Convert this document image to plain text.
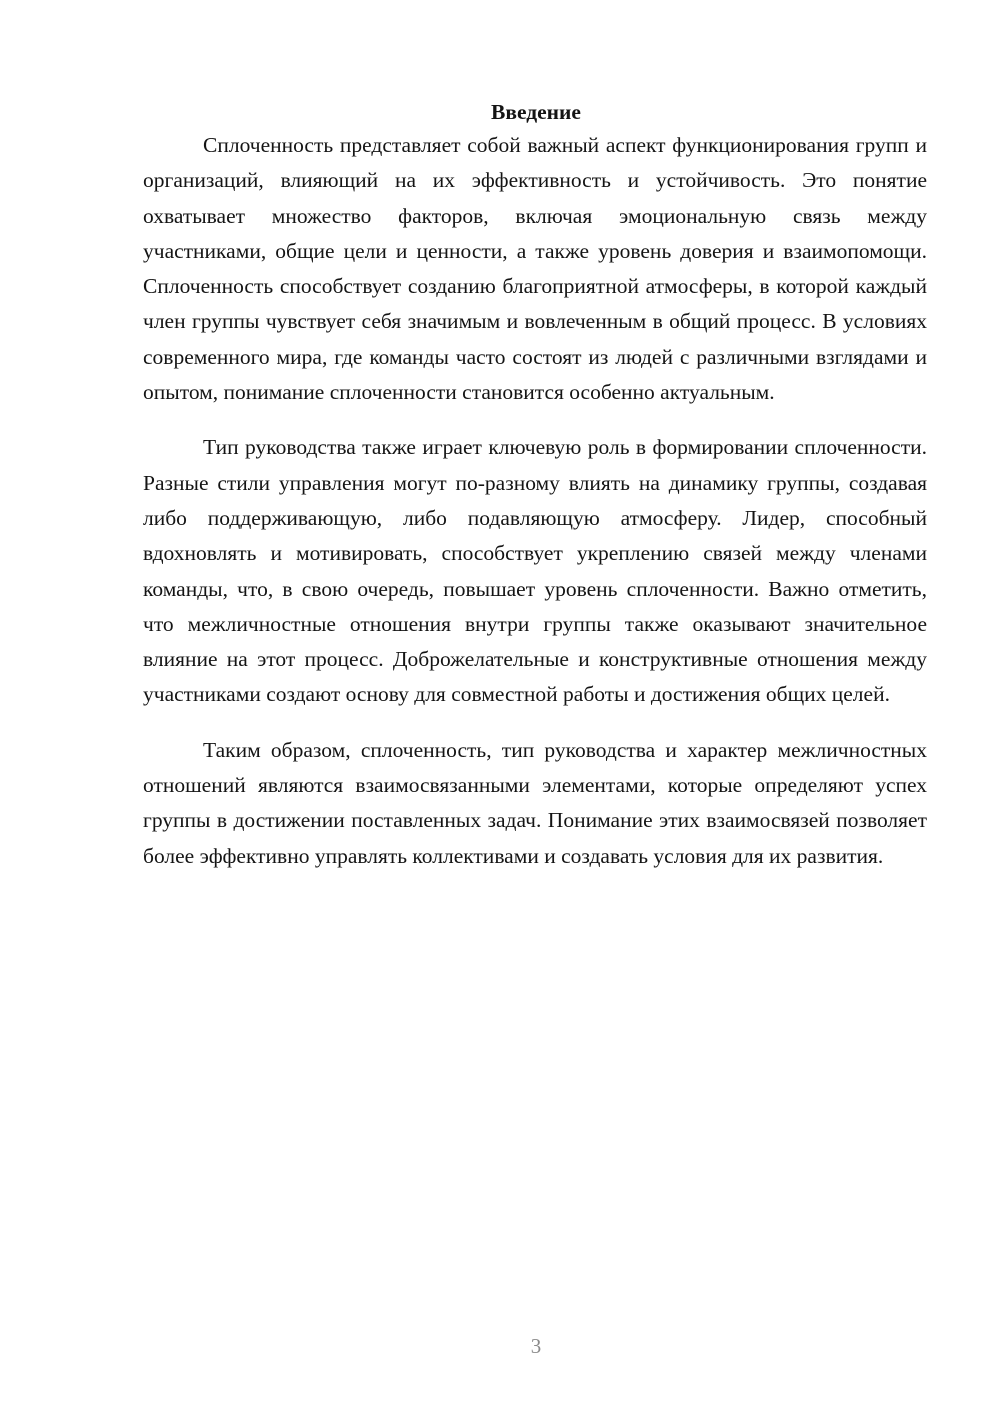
Введение

Сплоченность представляет собой важный аспект функционирования групп и организаций, влияющий на их эффективность и устойчивость. Это понятие охватывает множество факторов, включая эмоциональную связь между участниками, общие цели и ценности, а также уровень доверия и взаимопомощи. Сплоченность способствует созданию благоприятной атмосферы, в которой каждый член группы чувствует себя значимым и вовлеченным в общий процесс. В условиях современного мира, где команды часто состоят из людей с различными взглядами и опытом, понимание сплоченности становится особенно актуальным.

Тип руководства также играет ключевую роль в формировании сплоченности. Разные стили управления могут по-разному влиять на динамику группы, создавая либо поддерживающую, либо подавляющую атмосферу. Лидер, способный вдохновлять и мотивировать, способствует укреплению связей между членами команды, что, в свою очередь, повышает уровень сплоченности. Важно отметить, что межличностные отношения внутри группы также оказывают значительное влияние на этот процесс. Доброжелательные и конструктивные отношения между участниками создают основу для совместной работы и достижения общих целей.

Таким образом, сплоченность, тип руководства и характер межличностных отношений являются взаимосвязанными элементами, которые определяют успех группы в достижении поставленных задач. Понимание этих взаимосвязей позволяет более эффективно управлять коллективами и создавать условия для их развития.

3
